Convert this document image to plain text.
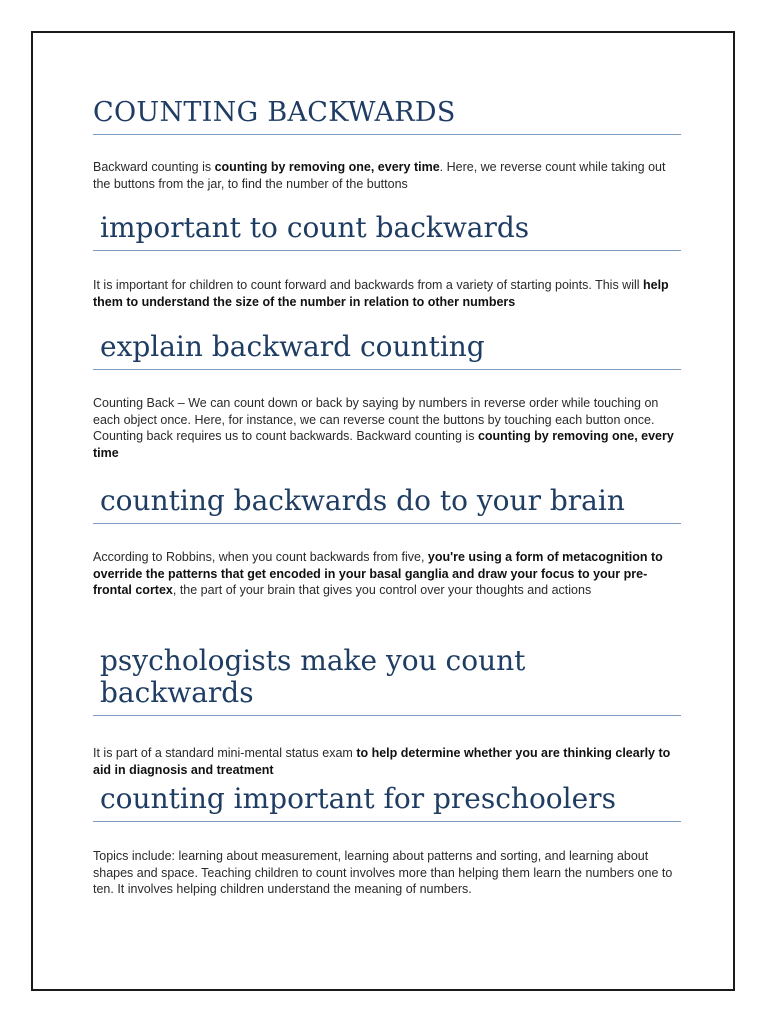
COUNTING BACKWARDS

Backward counting is counting by removing one, every time. Here, we reverse count while taking out the buttons from the jar, to find the number of the buttons

important to count backwards

It is important for children to count forward and backwards from a variety of starting points. This will help them to understand the size of the number in relation to other numbers

explain backward counting

Counting Back – We can count down or back by saying by numbers in reverse order while touching on each object once. Here, for instance, we can reverse count the buttons by touching each button once. Counting back requires us to count backwards. Backward counting is counting by removing one, every time

counting backwards do to your brain

According to Robbins, when you count backwards from five, you're using a form of metacognition to override the patterns that get encoded in your basal ganglia and draw your focus to your pre-frontal cortex, the part of your brain that gives you control over your thoughts and actions

psychologists make you count backwards

It is part of a standard mini-mental status exam to help determine whether you are thinking clearly to aid in diagnosis and treatment

counting important for preschoolers

Topics include: learning about measurement, learning about patterns and sorting, and learning about shapes and space. Teaching children to count involves more than helping them learn the numbers one to ten. It involves helping children understand the meaning of numbers.
